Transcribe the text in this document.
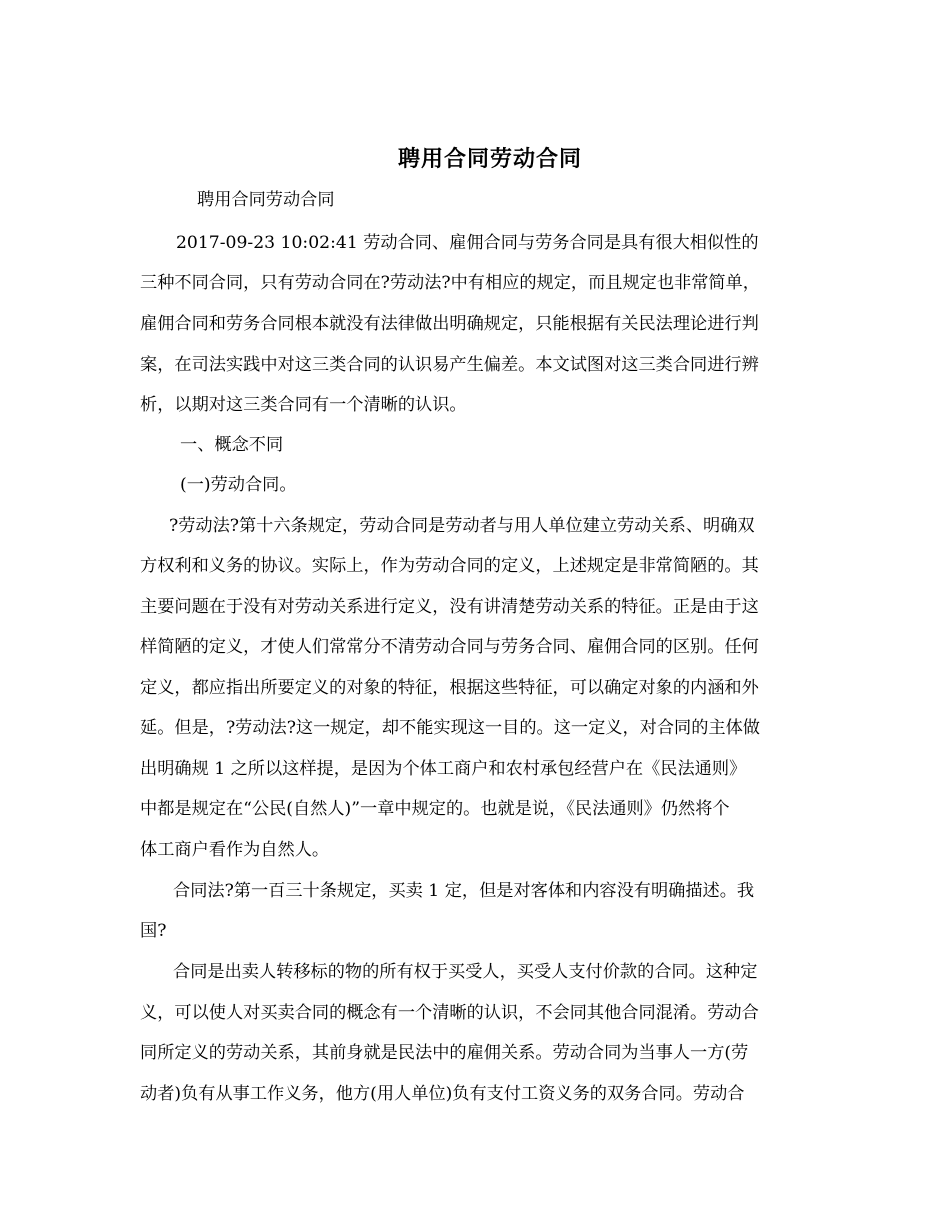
聘用合同劳动合同
聘用合同劳动合同
2017-09-23 10:02:41 劳动合同、雇佣合同与劳务合同是具有很大相似性的
三种不同合同，只有劳动合同在?劳动法?中有相应的规定，而且规定也非常简单，
雇佣合同和劳务合同根本就没有法律做出明确规定，只能根据有关民法理论进行判
案，在司法实践中对这三类合同的认识易产生偏差。本文试图对这三类合同进行辨
析，以期对这三类合同有一个清晰的认识。
一、概念不同
(一)劳动合同。
?劳动法?第十六条规定，劳动合同是劳动者与用人单位建立劳动关系、明确双
方权利和义务的协议。实际上，作为劳动合同的定义，上述规定是非常简陋的。其
主要问题在于没有对劳动关系进行定义，没有讲清楚劳动关系的特征。正是由于这
样简陋的定义，才使人们常常分不清劳动合同与劳务合同、雇佣合同的区别。任何
定义，都应指出所要定义的对象的特征，根据这些特征，可以确定对象的内涵和外
延。但是，?劳动法?这一规定，却不能实现这一目的。这一定义，对合同的主体做
出明确规 1 之所以这样提，是因为个体工商户和农村承包经营户在《民法通则》
中都是规定在“公民(自然人)”一章中规定的。也就是说，《民法通则》仍然将个
体工商户看作为自然人。
合同法?第一百三十条规定，买卖 1 定，但是对客体和内容没有明确描述。我
国?
合同是出卖人转移标的物的所有权于买受人，买受人支付价款的合同。这种定
义，可以使人对买卖合同的概念有一个清晰的认识，不会同其他合同混淆。劳动合
同所定义的劳动关系，其前身就是民法中的雇佣关系。劳动合同为当事人一方(劳
动者)负有从事工作义务，他方(用人单位)负有支付工资义务的双务合同。劳动合
